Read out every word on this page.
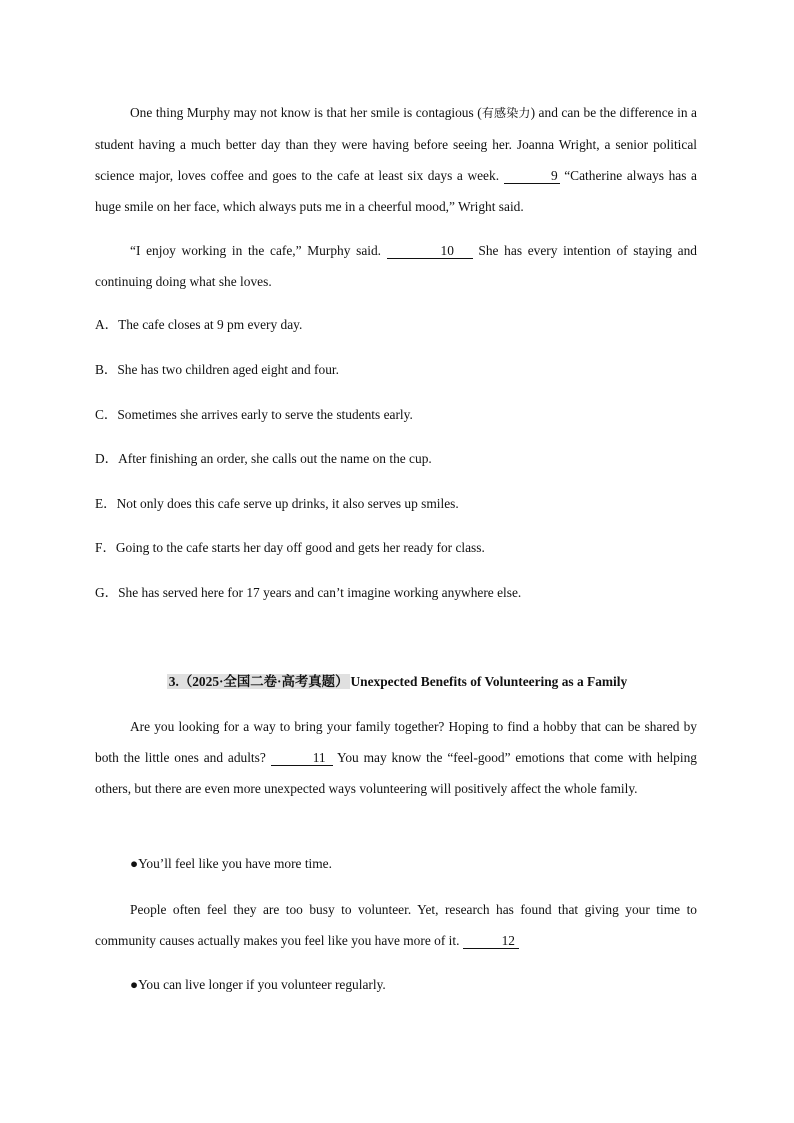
One thing Murphy may not know is that her smile is contagious (有感染力) and can be the difference in a student having a much better day than they were having before seeing her. Joanna Wright, a senior political science major, loves coffee and goes to the cafe at least six days a week.	9 “Catherine always has a huge smile on her face, which always puts me in a cheerful mood,” Wright said.

“I enjoy working in the cafe,” Murphy said.	10 She has every intention of staying and continuing doing what she loves.

A．The cafe closes at 9 pm every day.

B．She has two children aged eight and four.

C．Sometimes she arrives early to serve the students early.

D．After finishing an order, she calls out the name on the cup.

E．Not only does this cafe serve up drinks, it also serves up smiles.

F．Going to the cafe starts her day off good and gets her ready for class.

G．She has served here for 17 years and can’t imagine working anywhere else.

3.（2025·全国二卷·高考真题） Unexpected Benefits of Volunteering as a Family

Are you looking for a way to bring your family together? Hoping to find a hobby that can be shared by both the little ones and adults?	11 You may know the “feel-good” emotions that come with helping others, but there are even more unexpected ways volunteering will positively affect the whole family.

●You’ll feel like you have more time.

People often feel they are too busy to volunteer. Yet, research has found that giving your time to community causes actually makes you feel like you have more of it.	12

●You can live longer if you volunteer regularly.
